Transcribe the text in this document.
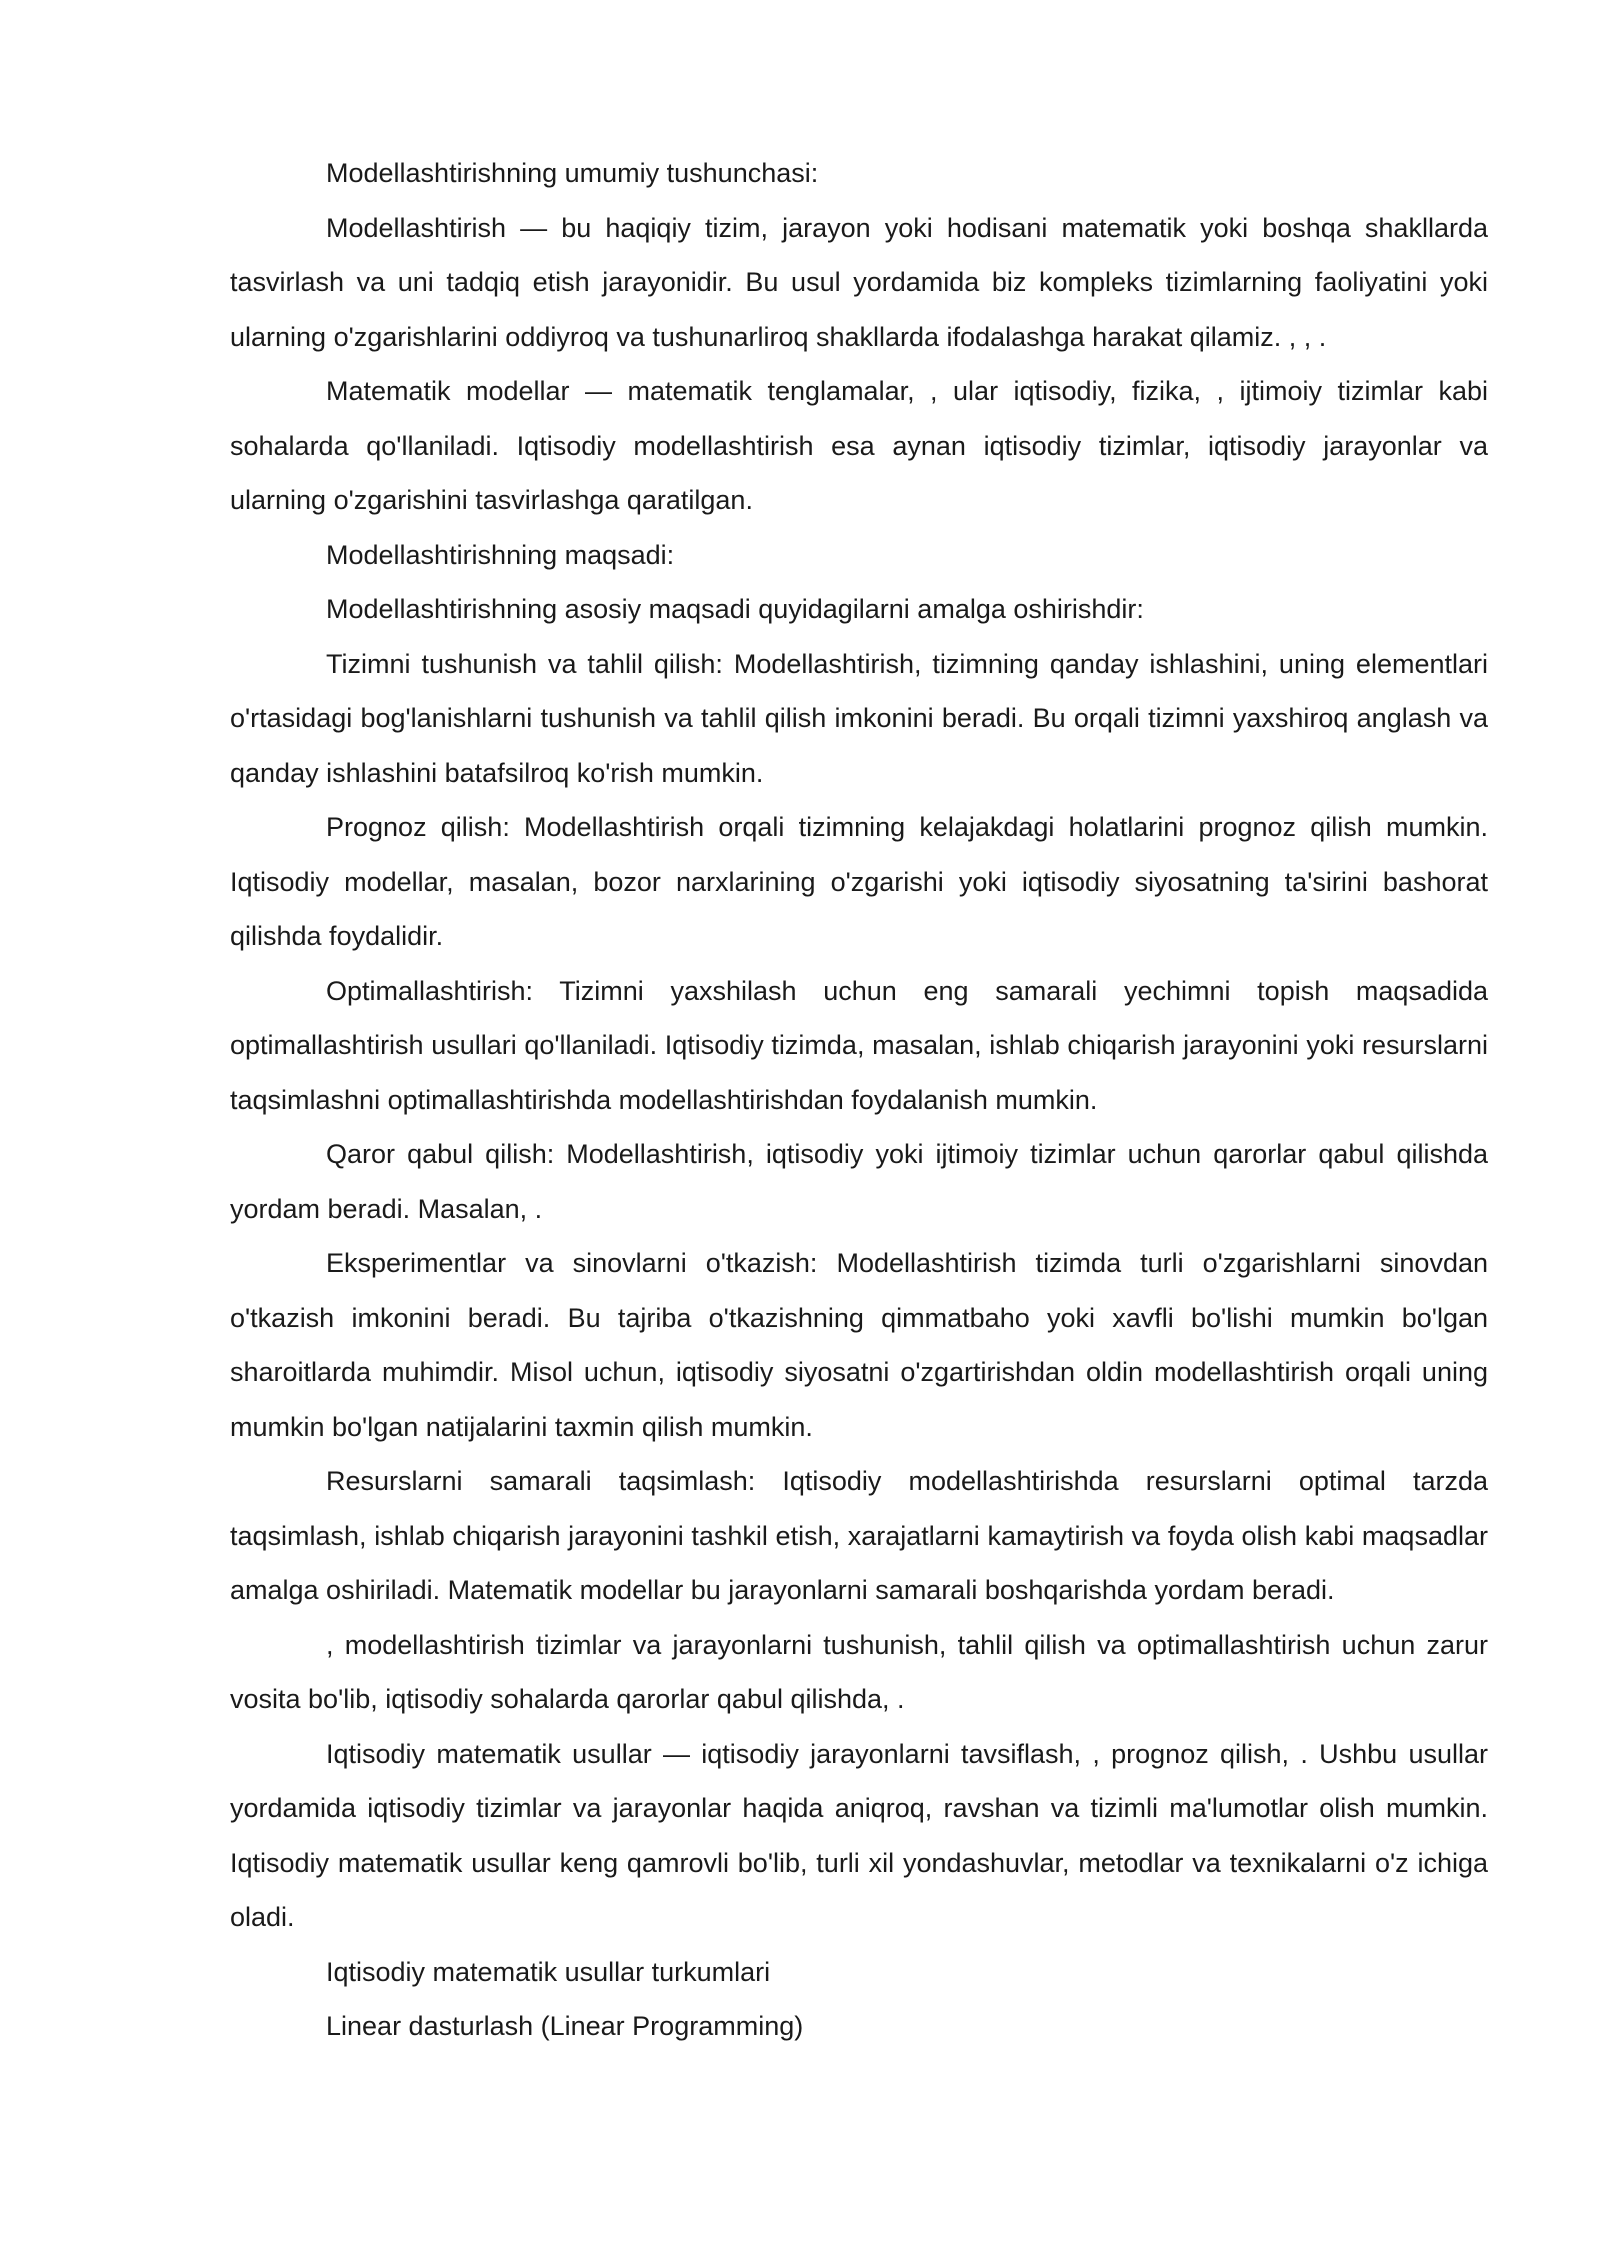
Modellashtirishning umumiy tushunchasi:

Modellashtirish — bu haqiqiy tizim, jarayon yoki hodisani matematik yoki boshqa shakllarda tasvirlash va uni tadqiq etish jarayonidir. Bu usul yordamida biz kompleks tizimlarning faoliyatini yoki ularning o'zgarishlarini oddiyroq va tushunarliroq shakllarda ifodalashga harakat qilamiz. , , .

Matematik modellar — matematik tenglamalar, , ular iqtisodiy, fizika, , ijtimoiy tizimlar kabi sohalarda qo'llaniladi. Iqtisodiy modellashtirish esa aynan iqtisodiy tizimlar, iqtisodiy jarayonlar va ularning o'zgarishini tasvirlashga qaratilgan.

Modellashtirishning maqsadi:

Modellashtirishning asosiy maqsadi quyidagilarni amalga oshirishdir:

Tizimni tushunish va tahlil qilish: Modellashtirish, tizimning qanday ishlashini, uning elementlari o'rtasidagi bog'lanishlarni tushunish va tahlil qilish imkonini beradi. Bu orqali tizimni yaxshiroq anglash va qanday ishlashini batafsilroq ko'rish mumkin.

Prognoz qilish: Modellashtirish orqali tizimning kelajakdagi holatlarini prognoz qilish mumkin. Iqtisodiy modellar, masalan, bozor narxlarining o'zgarishi yoki iqtisodiy siyosatning ta'sirini bashorat qilishda foydalidir.

Optimallashtirish: Tizimni yaxshilash uchun eng samarali yechimni topish maqsadida optimallashtirish usullari qo'llaniladi. Iqtisodiy tizimda, masalan, ishlab chiqarish jarayonini yoki resurslarni taqsimlashni optimallashtirishda modellashtirishdan foydalanish mumkin.

Qaror qabul qilish: Modellashtirish, iqtisodiy yoki ijtimoiy tizimlar uchun qarorlar qabul qilishda yordam beradi. Masalan, .

Eksperimentlar va sinovlarni o'tkazish: Modellashtirish tizimda turli o'zgarishlarni sinovdan o'tkazish imkonini beradi. Bu tajriba o'tkazishning qimmatbaho yoki xavfli bo'lishi mumkin bo'lgan sharoitlarda muhimdir. Misol uchun, iqtisodiy siyosatni o'zgartirishdan oldin modellashtirish orqali uning mumkin bo'lgan natijalarini taxmin qilish mumkin.

Resurslarni samarali taqsimlash: Iqtisodiy modellashtirishda resurslarni optimal tarzda taqsimlash, ishlab chiqarish jarayonini tashkil etish, xarajatlarni kamaytirish va foyda olish kabi maqsadlar amalga oshiriladi. Matematik modellar bu jarayonlarni samarali boshqarishda yordam beradi.

, modellashtirish tizimlar va jarayonlarni tushunish, tahlil qilish va optimallashtirish uchun zarur vosita bo'lib, iqtisodiy sohalarda qarorlar qabul qilishda, .

Iqtisodiy matematik usullar — iqtisodiy jarayonlarni tavsiflash, , prognoz qilish, . Ushbu usullar yordamida iqtisodiy tizimlar va jarayonlar haqida aniqroq, ravshan va tizimli ma'lumotlar olish mumkin. Iqtisodiy matematik usullar keng qamrovli bo'lib, turli xil yondashuvlar, metodlar va texnikalarni o'z ichiga oladi.

Iqtisodiy matematik usullar turkumlari

Linear dasturlash (Linear Programming)
